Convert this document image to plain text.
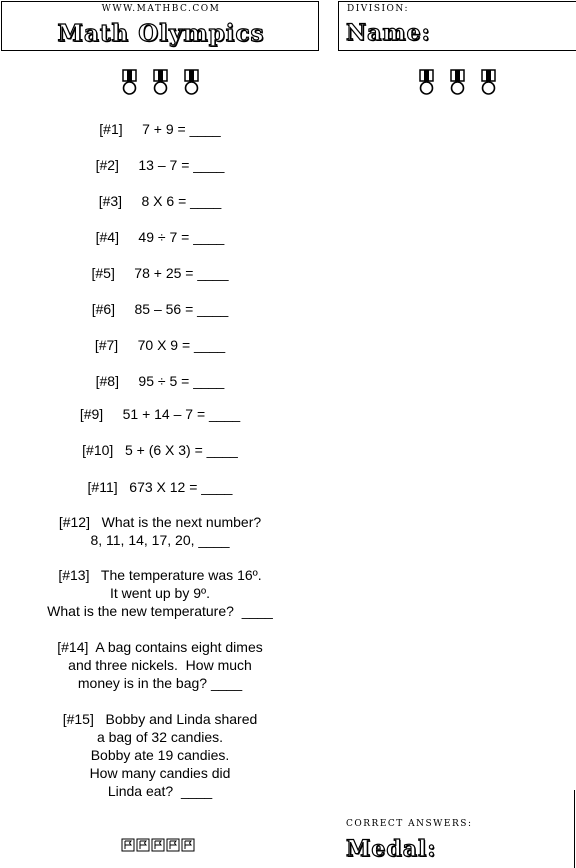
WWW.MATHBC.COM
Math Olympics
DIVISION:
Name:
[#1]     7 + 9 = ____
[#2]     13 – 7 = ____
[#3]     8 X 6 = ____
[#4]     49 ÷ 7 = ____
[#5]     78 + 25 = ____
[#6]     85 – 56 = ____
[#7]     70 X 9 = ____
[#8]     95 ÷ 5 = ____
[#9]     51 + 14 – 7 = ____
[#10]   5 + (6 X 3) = ____
[#11]   673 X 12 = ____
[#12]   What is the next number?
8, 11, 14, 17, 20, ____
[#13]   The temperature was 16º.
It went up by 9º.
What is the new temperature?  ____
[#14]  A bag contains eight dimes
and three nickels.  How much
money is in the bag? ____
[#15]   Bobby and Linda shared
a bag of 32 candies.
Bobby ate 19 candies.
How many candies did
Linda eat?  ____
CORRECT ANSWERS:
Medal:
